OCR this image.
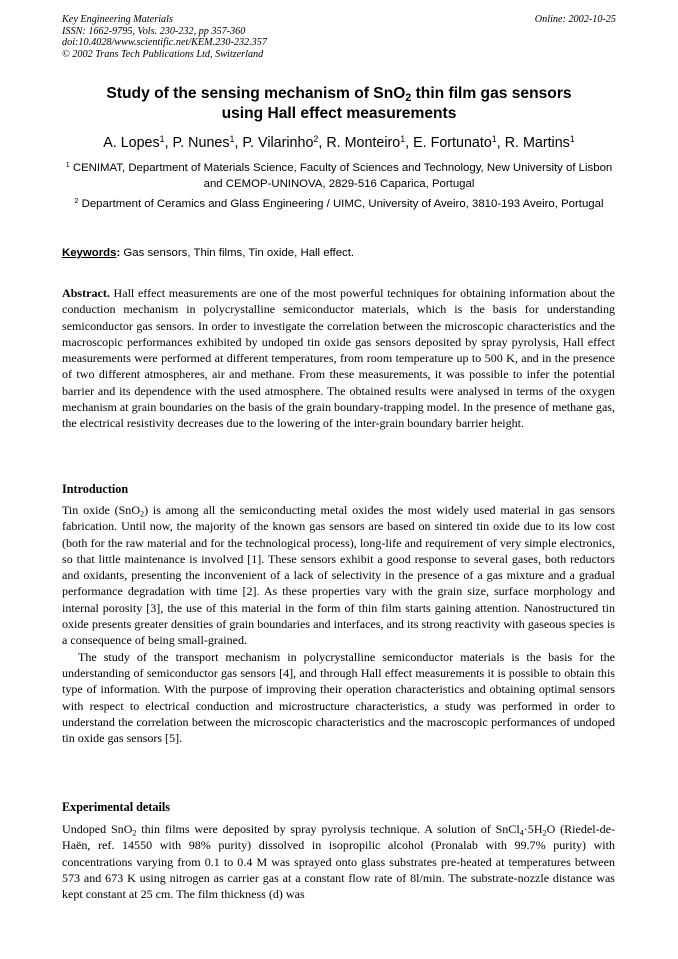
Key Engineering Materials
ISSN: 1662-9795, Vols. 230-232, pp 357-360
doi:10.4028/www.scientific.net/KEM.230-232.357
© 2002 Trans Tech Publications Ltd, Switzerland
Online: 2002-10-25
Study of the sensing mechanism of SnO$_2$ thin film gas sensors
using Hall effect measurements
A. Lopes$^1$, P. Nunes$^1$, P. Vilarinho$^2$, R. Monteiro$^1$, E. Fortunato$^1$, R. Martins$^1$
$^1$ CENIMAT, Department of Materials Science, Faculty of Sciences and Technology, New University of Lisbon and CEMOP-UNINOVA, 2829-516 Caparica, Portugal
$^2$ Department of Ceramics and Glass Engineering / UIMC, University of Aveiro, 3810-193 Aveiro, Portugal
Keywords: Gas sensors, Thin films, Tin oxide, Hall effect.
Abstract. Hall effect measurements are one of the most powerful techniques for obtaining information about the conduction mechanism in polycrystalline semiconductor materials, which is the basis for understanding semiconductor gas sensors. In order to investigate the correlation between the microscopic characteristics and the macroscopic performances exhibited by undoped tin oxide gas sensors deposited by spray pyrolysis, Hall effect measurements were performed at different temperatures, from room temperature up to 500 K, and in the presence of two different atmospheres, air and methane. From these measurements, it was possible to infer the potential barrier and its dependence with the used atmosphere. The obtained results were analysed in terms of the oxygen mechanism at grain boundaries on the basis of the grain boundary-trapping model. In the presence of methane gas, the electrical resistivity decreases due to the lowering of the inter-grain boundary barrier height.
Introduction

Tin oxide (SnO$_2$) is among all the semiconducting metal oxides the most widely used material in gas sensors fabrication. Until now, the majority of the known gas sensors are based on sintered tin oxide due to its low cost (both for the raw material and for the technological process), long-life and requirement of very simple electronics, so that little maintenance is involved [1]. These sensors exhibit a good response to several gases, both reductors and oxidants, presenting the inconvenient of a lack of selectivity in the presence of a gas mixture and a gradual performance degradation with time [2]. As these properties vary with the grain size, surface morphology and internal porosity [3], the use of this material in the form of thin film starts gaining attention. Nanostructured tin oxide presents greater densities of grain boundaries and interfaces, and its strong reactivity with gaseous species is a consequence of being small-grained.

The study of the transport mechanism in polycrystalline semiconductor materials is the basis for the understanding of semiconductor gas sensors [4], and through Hall effect measurements it is possible to obtain this type of information. With the purpose of improving their operation characteristics and obtaining optimal sensors with respect to electrical conduction and microstructure characteristics, a study was performed in order to understand the correlation between the microscopic characteristics and the macroscopic performances of undoped tin oxide gas sensors [5].

Experimental details
Undoped SnO$_2$ thin films were deposited by spray pyrolysis technique. A solution of $SnCl_4\cdot 5H_2O$ (Riedel-de-Haën, ref. 14550 with 98% purity) dissolved in isopropilic alcohol (Pronalab with 99.7% purity) with concentrations varying from 0.1 to 0.4 M was sprayed onto glass substrates pre-heated at temperatures between 573 and 673 K using nitrogen as carrier gas at a constant flow rate of 8l/min. The substrate-nozzle distance was kept constant at 25 cm. The film thickness (d) was
